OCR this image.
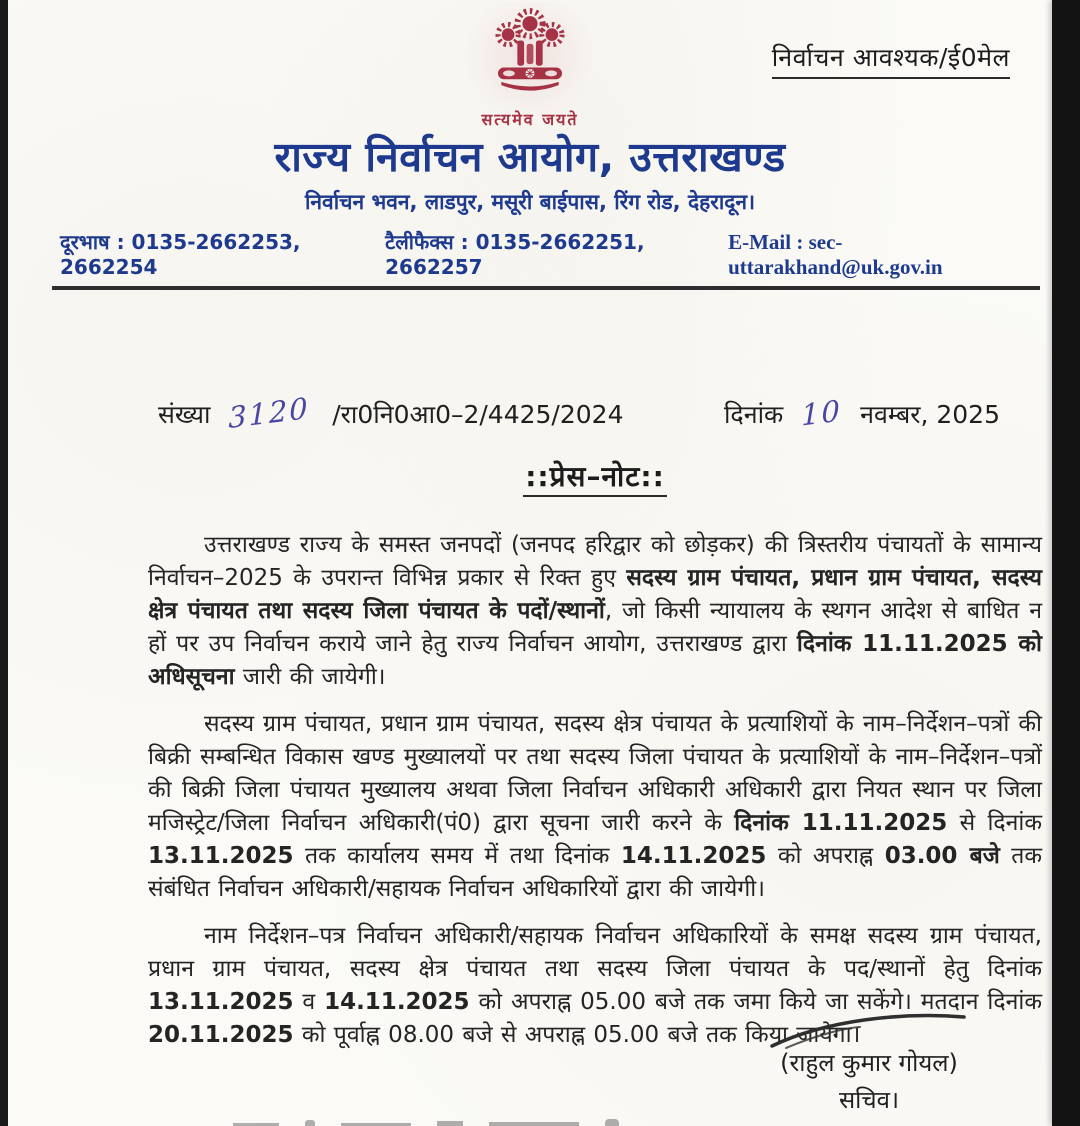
निर्वाचन आवश्यक/ई0मेल
सत्यमेव जयते
राज्य निर्वाचन आयोग, उत्तराखण्ड
निर्वाचन भवन, लाडपुर, मसूरी बाईपास, रिंग रोड, देहरादून।
दूरभाष : 0135-2662253, 2662254
टैलीफैक्स : 0135-2662251, 2662257
E-Mail : sec-uttarakhand@uk.gov.in
संख्या 3120 /रा0नि0आ0–2/4425/2024	दिनांक 10 नवम्बर, 2025
::प्रेस–नोट::

उत्तराखण्ड राज्य के समस्त जनपदों (जनपद हरिद्वार को छोड़कर) की त्रिस्तरीय पंचायतों के सामान्य निर्वाचन–2025 के उपरान्त विभिन्न प्रकार से रिक्त हुए सदस्य ग्राम पंचायत, प्रधान ग्राम पंचायत, सदस्य क्षेत्र पंचायत तथा सदस्य जिला पंचायत के पदों/स्थानों, जो किसी न्यायालय के स्थगन आदेश से बाधित न हों पर उप निर्वाचन कराये जाने हेतु राज्य निर्वाचन आयोग, उत्तराखण्ड द्वारा दिनांक 11.11.2025 को अधिसूचना जारी की जायेगी।

सदस्य ग्राम पंचायत, प्रधान ग्राम पंचायत, सदस्य क्षेत्र पंचायत के प्रत्याशियों के नाम–निर्देशन–पत्रों की बिक्री सम्बन्धित विकास खण्ड मुख्यालयों पर तथा सदस्य जिला पंचायत के प्रत्याशियों के नाम–निर्देशन–पत्रों की बिक्री जिला पंचायत मुख्यालय अथवा जिला निर्वाचन अधिकारी अधिकारी द्वारा नियत स्थान पर जिला मजिस्ट्रेट/जिला निर्वाचन अधिकारी(पं0) द्वारा सूचना जारी करने के दिनांक 11.11.2025 से दिनांक 13.11.2025 तक कार्यालय समय में तथा दिनांक 14.11.2025 को अपराह्न 03.00 बजे तक संबंधित निर्वाचन अधिकारी/सहायक निर्वाचन अधिकारियों द्वारा की जायेगी।

नाम निर्देशन–पत्र निर्वाचन अधिकारी/सहायक निर्वाचन अधिकारियों के समक्ष सदस्य ग्राम पंचायत, प्रधान ग्राम पंचायत, सदस्य क्षेत्र पंचायत तथा सदस्य जिला पंचायत के पद/स्थानों हेतु दिनांक 13.11.2025 व 14.11.2025 को अपराह्न 05.00 बजे तक जमा किये जा सकेंगे। मतदान दिनांक 20.11.2025 को पूर्वाह्न 08.00 बजे से अपराह्न 05.00 बजे तक किया जायेगा।

(राहुल कुमार गोयल)
सचिव।
